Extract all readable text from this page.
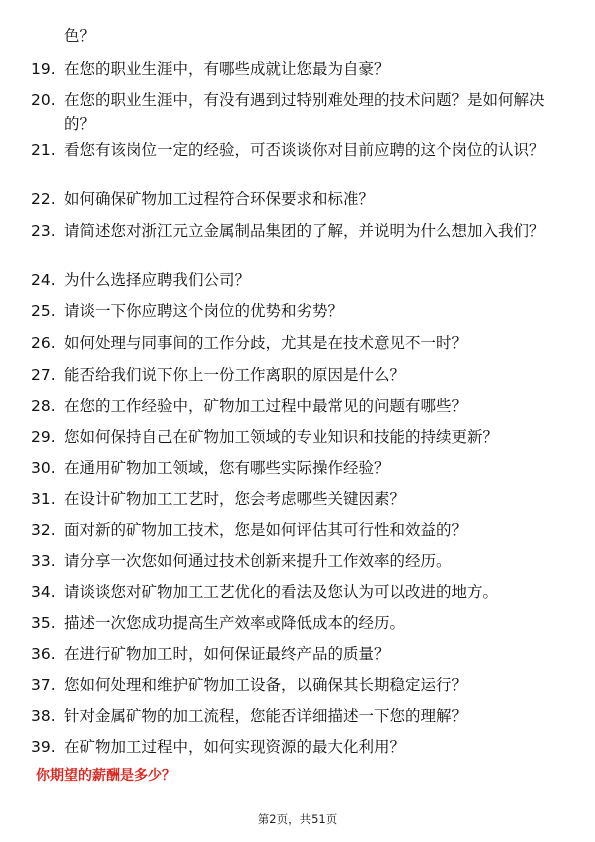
色？
19. 在您的职业生涯中，有哪些成就让您最为自豪？
20. 在您的职业生涯中，有没有遇到过特别难处理的技术问题？是如何解决的？
21. 看您有该岗位一定的经验，可否谈谈你对目前应聘的这个岗位的认识？
22. 如何确保矿物加工过程符合环保要求和标准？
23. 请简述您对浙江元立金属制品集团的了解，并说明为什么想加入我们？
24. 为什么选择应聘我们公司？
25. 请谈一下你应聘这个岗位的优势和劣势？
26. 如何处理与同事间的工作分歧，尤其是在技术意见不一时？
27. 能否给我们说下你上一份工作离职的原因是什么？
28. 在您的工作经验中，矿物加工过程中最常见的问题有哪些？
29. 您如何保持自己在矿物加工领域的专业知识和技能的持续更新？
30. 在通用矿物加工领域，您有哪些实际操作经验？
31. 在设计矿物加工工艺时，您会考虑哪些关键因素？
32. 面对新的矿物加工技术，您是如何评估其可行性和效益的？
33. 请分享一次您如何通过技术创新来提升工作效率的经历。
34. 请谈谈您对矿物加工工艺优化的看法及您认为可以改进的地方。
35. 描述一次您成功提高生产效率或降低成本的经历。
36. 在进行矿物加工时，如何保证最终产品的质量？
37. 您如何处理和维护矿物加工设备，以确保其长期稳定运行？
38. 针对金属矿物的加工流程，您能否详细描述一下您的理解？
39. 在矿物加工过程中，如何实现资源的最大化利用？
你期望的薪酬是多少？
第2页，共51页
